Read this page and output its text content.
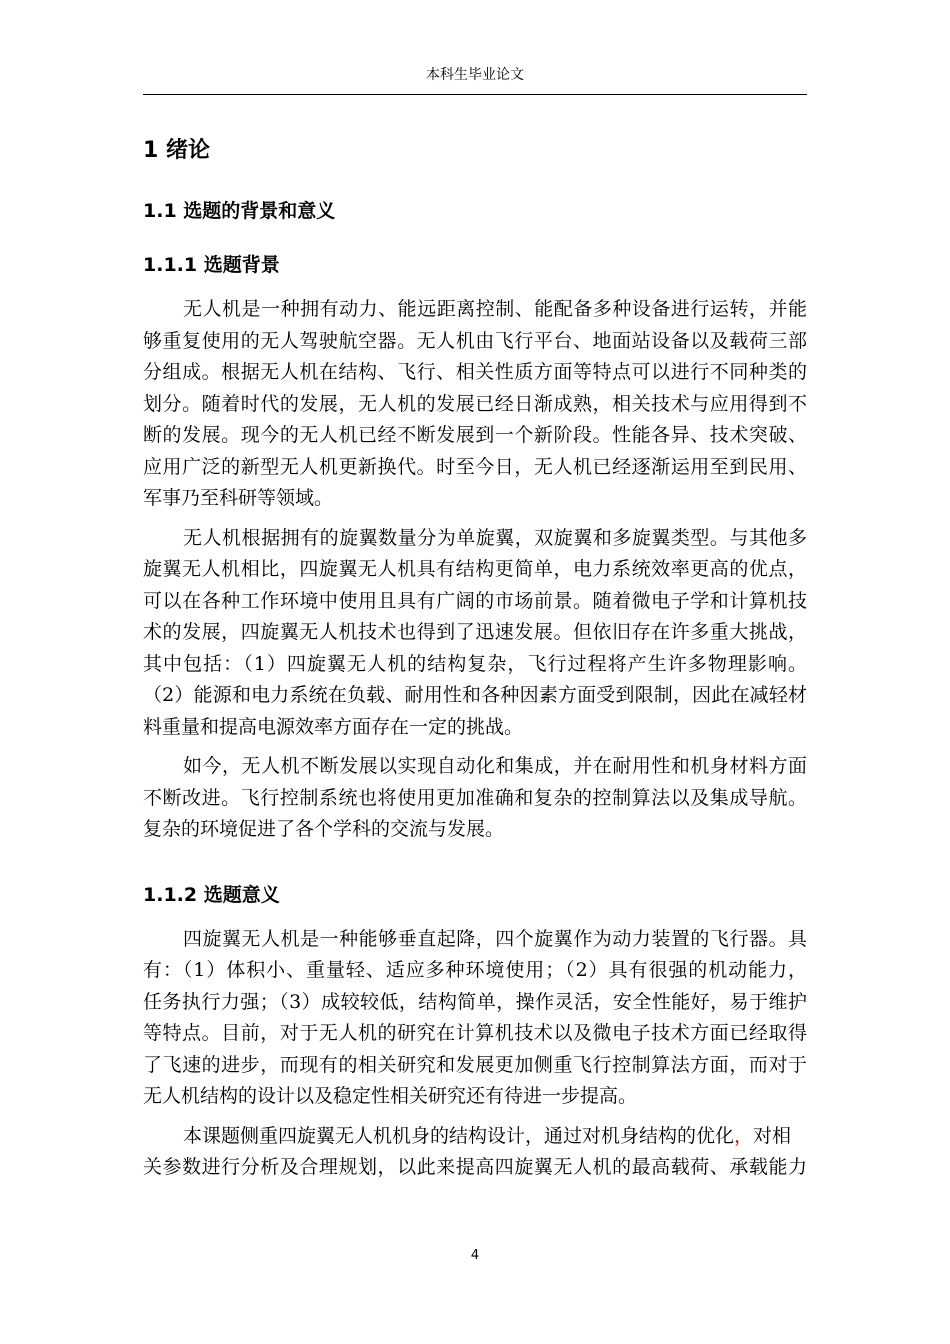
本科生毕业论文
1 绪论
1.1 选题的背景和意义
1.1.1 选题背景
无人机是一种拥有动力、能远距离控制、能配备多种设备进行运转，并能
够重复使用的无人驾驶航空器。无人机由飞行平台、地面站设备以及载荷三部
分组成。根据无人机在结构、飞行、相关性质方面等特点可以进行不同种类的
划分。随着时代的发展，无人机的发展已经日渐成熟，相关技术与应用得到不
断的发展。现今的无人机已经不断发展到一个新阶段。性能各异、技术突破、
应用广泛的新型无人机更新换代。时至今日，无人机已经逐渐运用至到民用、
军事乃至科研等领域。
无人机根据拥有的旋翼数量分为单旋翼，双旋翼和多旋翼类型。与其他多
旋翼无人机相比，四旋翼无人机具有结构更简单，电力系统效率更高的优点，
可以在各种工作环境中使用且具有广阔的市场前景。随着微电子学和计算机技
术的发展，四旋翼无人机技术也得到了迅速发展。但依旧存在许多重大挑战，
其中包括：（1）四旋翼无人机的结构复杂，飞行过程将产生许多物理影响。
（2）能源和电力系统在负载、耐用性和各种因素方面受到限制，因此在减轻材
料重量和提高电源效率方面存在一定的挑战。
如今，无人机不断发展以实现自动化和集成，并在耐用性和机身材料方面
不断改进。飞行控制系统也将使用更加准确和复杂的控制算法以及集成导航。
复杂的环境促进了各个学科的交流与发展。
1.1.2 选题意义
四旋翼无人机是一种能够垂直起降，四个旋翼作为动力装置的飞行器。具
有：（1）体积小、重量轻、适应多种环境使用；（2）具有很强的机动能力，
任务执行力强；（3）成较较低，结构简单，操作灵活，安全性能好，易于维护
等特点。目前，对于无人机的研究在计算机技术以及微电子技术方面已经取得
了飞速的进步，而现有的相关研究和发展更加侧重飞行控制算法方面，而对于
无人机结构的设计以及稳定性相关研究还有待进一步提高。
本课题侧重四旋翼无人机机身的结构设计，通过对机身结构的优化，对相
关参数进行分析及合理规划，以此来提高四旋翼无人机的最高载荷、承载能力
4
